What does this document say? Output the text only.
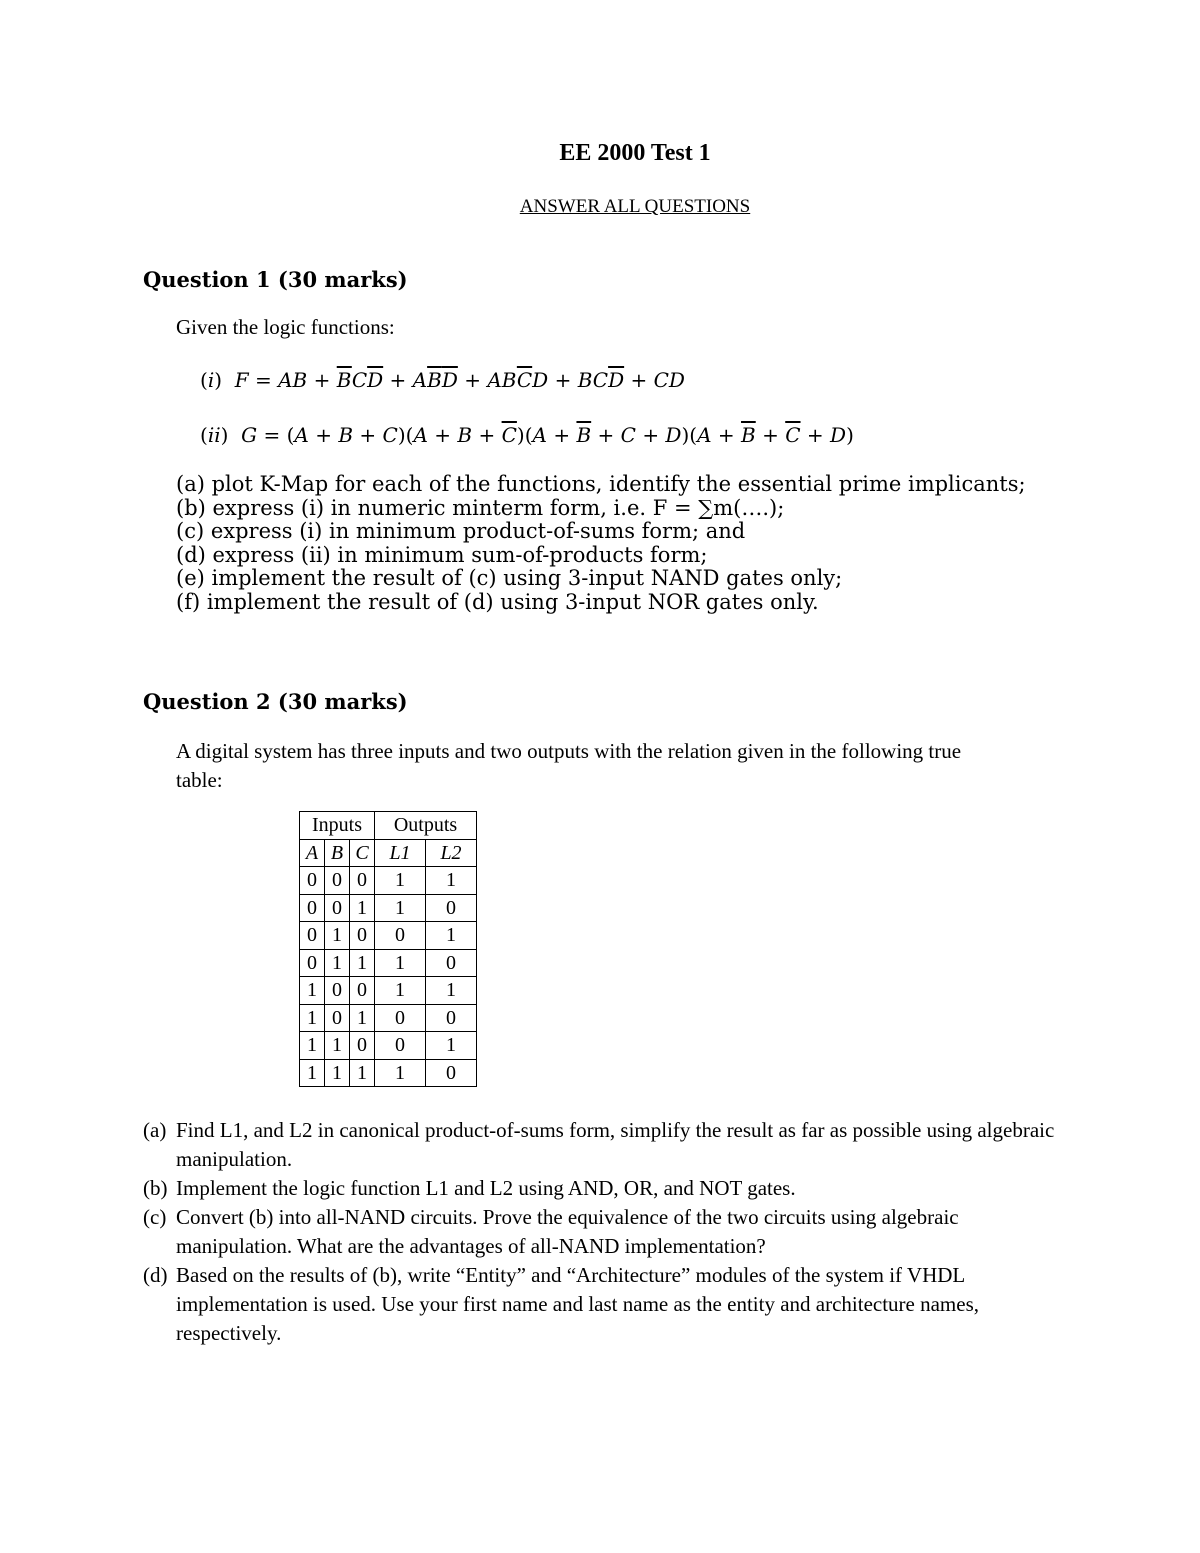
EE 2000 Test 1
ANSWER ALL QUESTIONS
Question 1 (30 marks)
Given the logic functions:
(i)  F = AB + $\overline{B}C\overline{D} + A\overline{B}\overline{D} + AB\overline{C}D + BC\overline{D}$ + CD
(ii)  $G = (A + B + C)(A + B + \overline{C})(A + \overline{B} + C + D)(A + \overline{B} + \overline{C} + D)$
(a) plot K-Map for each of the functions, identify the essential prime implicants;
(b) express (i) in numeric minterm form, i.e. F = ∑m(….);
(c) express (i) in minimum product-of-sums form; and
(d) express (ii) in minimum sum-of-products form;
(e) implement the result of (c) using 3-input NAND gates only;
(f) implement the result of (d) using 3-input NOR gates only.
Question 2 (30 marks)
A digital system has three inputs and two outputs with the relation given in the following true
table:
Inputs			Outputs	
A	B	C	L1	L2
0	0	0	1	1
0	0	1	1	0
0	1	0	0	1
0	1	1	1	0
1	0	0	1	1
1	0	1	0	0
1	1	0	0	1
1	1	1	1	0
(a) Find L1, and L2 in canonical product-of-sums form, simplify the result as far as possible using algebraic manipulation.
(b) Implement the logic function L1 and L2 using AND, OR, and NOT gates.
(c) Convert (b) into all-NAND circuits. Prove the equivalence of the two circuits using algebraic manipulation. What are the advantages of all-NAND implementation?
(d) Based on the results of (b), write “Entity” and “Architecture” modules of the system if VHDL implementation is used. Use your first name and last name as the entity and architecture names, respectively.
